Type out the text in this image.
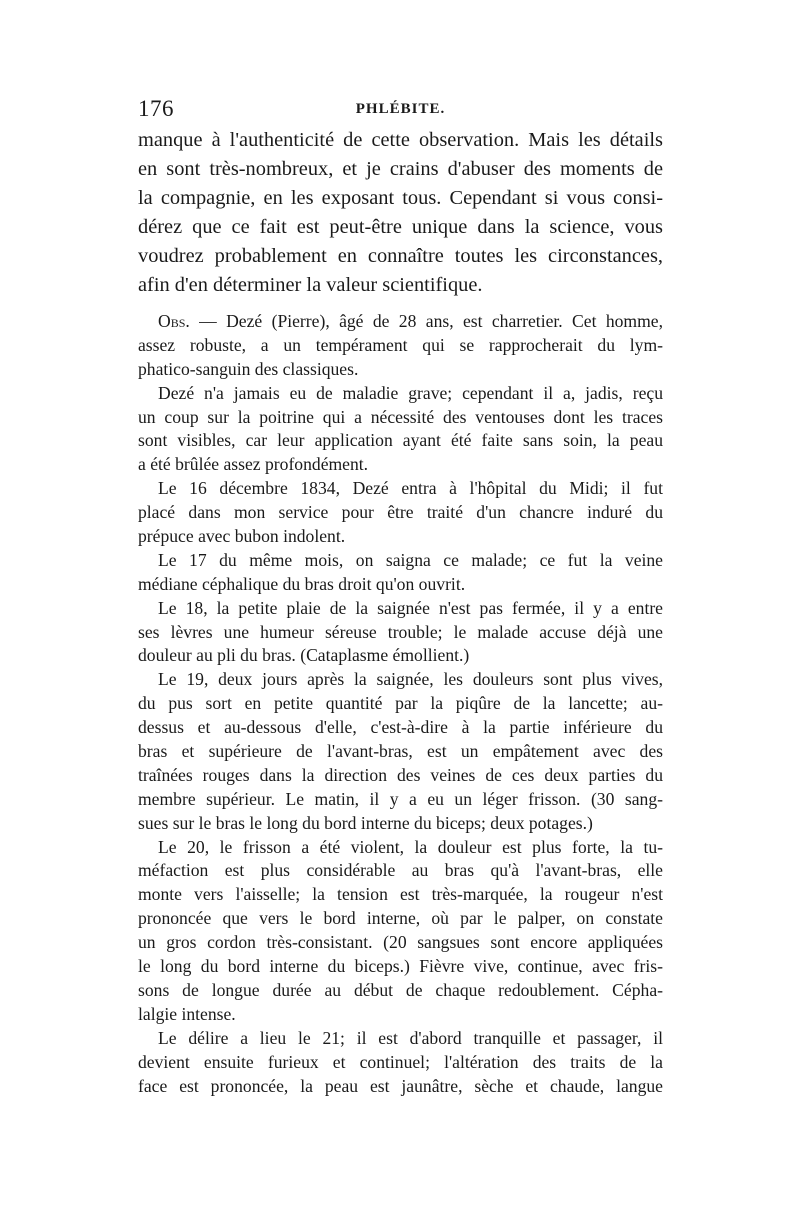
176	PHLÉBITE.
manque à l'authenticité de cette observation. Mais les détails
en sont très-nombreux, et je crains d'abuser des moments de
la compagnie, en les exposant tous. Cependant si vous consi-
dérez que ce fait est peut-être unique dans la science, vous
voudrez probablement en connaître toutes les circonstances,
afin d'en déterminer la valeur scientifique.
Obs. — Dezé (Pierre), âgé de 28 ans, est charretier. Cet homme,
assez robuste, a un tempérament qui se rapprocherait du lym-
phatico-sanguin des classiques.
Dezé n'a jamais eu de maladie grave; cependant il a, jadis, reçu
un coup sur la poitrine qui a nécessité des ventouses dont les traces
sont visibles, car leur application ayant été faite sans soin, la peau
a été brûlée assez profondément.
Le 16 décembre 1834, Dezé entra à l'hôpital du Midi; il fut
placé dans mon service pour être traité d'un chancre induré du
prépuce avec bubon indolent.
Le 17 du même mois, on saigna ce malade; ce fut la veine
médiane céphalique du bras droit qu'on ouvrit.
Le 18, la petite plaie de la saignée n'est pas fermée, il y a entre
ses lèvres une humeur séreuse trouble; le malade accuse déjà une
douleur au pli du bras. (Cataplasme émollient.)
Le 19, deux jours après la saignée, les douleurs sont plus vives,
du pus sort en petite quantité par la piqûre de la lancette; au-
dessus et au-dessous d'elle, c'est-à-dire à la partie inférieure du
bras et supérieure de l'avant-bras, est un empâtement avec des
traînées rouges dans la direction des veines de ces deux parties du
membre supérieur. Le matin, il y a eu un léger frisson. (30 sang-
sues sur le bras le long du bord interne du biceps; deux potages.)
Le 20, le frisson a été violent, la douleur est plus forte, la tu-
méfaction est plus considérable au bras qu'à l'avant-bras, elle
monte vers l'aisselle; la tension est très-marquée, la rougeur n'est
prononcée que vers le bord interne, où par le palper, on constate
un gros cordon très-consistant. (20 sangsues sont encore appliquées
le long du bord interne du biceps.) Fièvre vive, continue, avec fris-
sons de longue durée au début de chaque redoublement. Cépha-
lalgie intense.
Le délire a lieu le 21; il est d'abord tranquille et passager, il
devient ensuite furieux et continuel; l'altération des traits de la
face est prononcée, la peau est jaunâtre, sèche et chaude, langue
